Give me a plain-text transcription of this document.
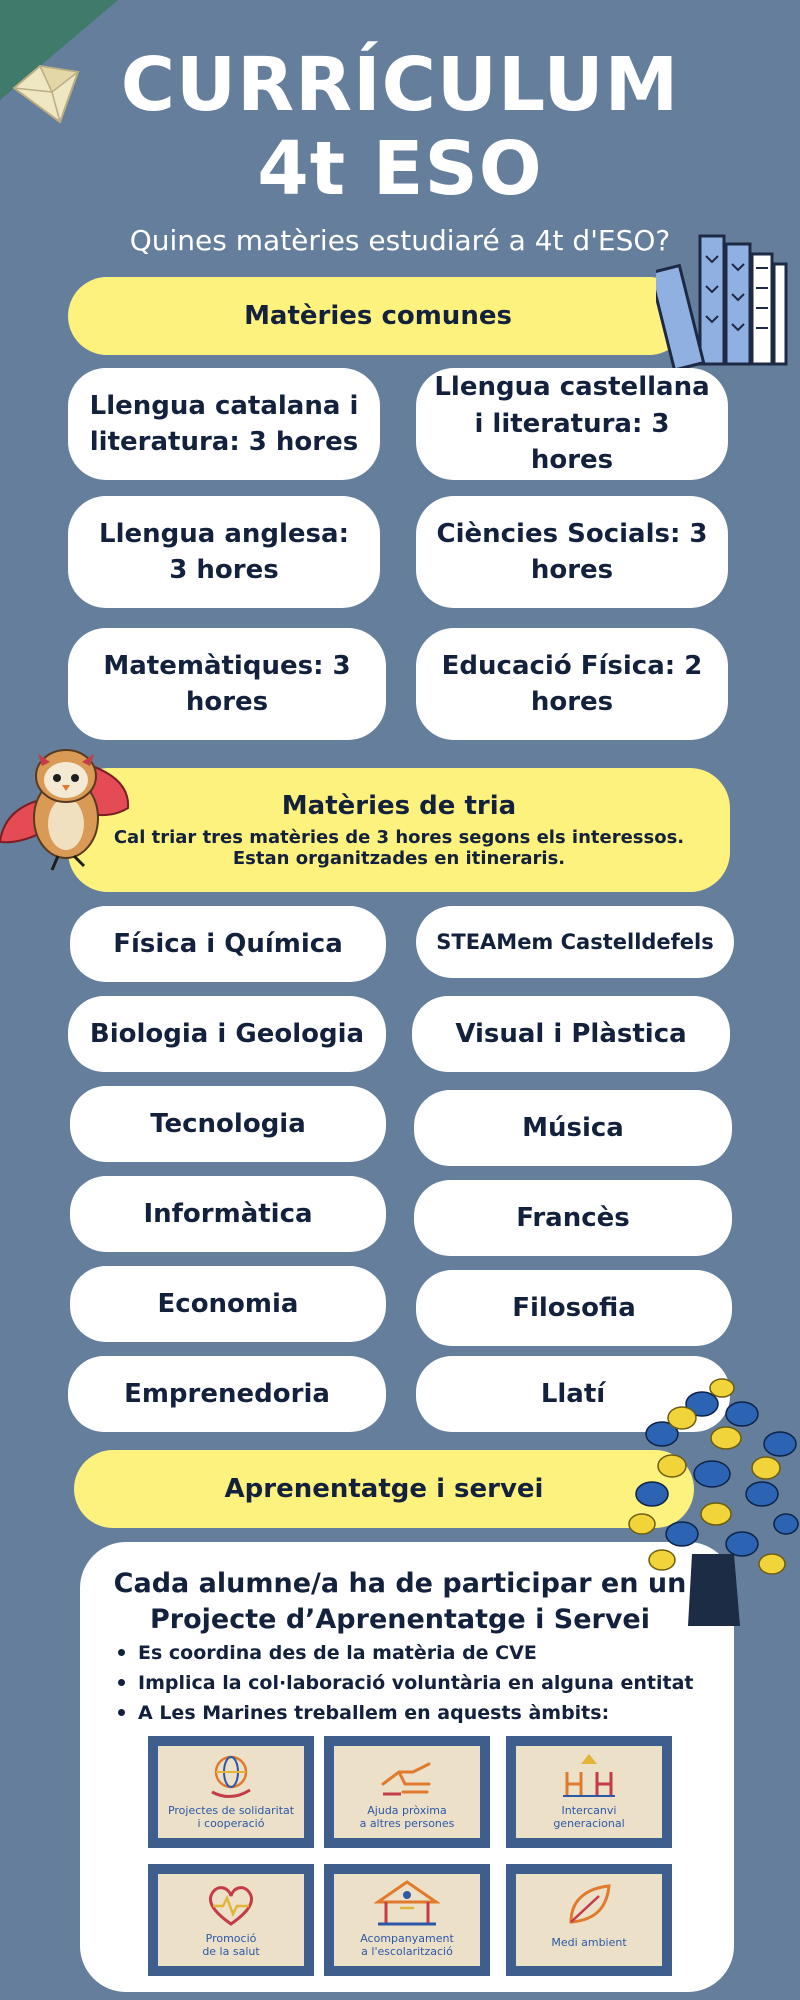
CURRÍCULUM
4t ESO
Quines matèries estudiaré a 4t d'ESO?
Matèries comunes
Llengua catalana i literatura: 3 hores
Llengua castellana i literatura: 3 hores
Llengua anglesa: 3 hores
Ciències Socials: 3 hores
Matemàtiques: 3 hores
Educació Física: 2 hores
Matèries de tria
Cal triar tres matèries de 3 hores segons els interessos.
Estan organitzades en itineraris.
Física i Química
Biologia i Geologia
Tecnologia
Informàtica
Economia
Emprenedoria
STEAMem Castelldefels
Visual i Plàstica
Música
Francès
Filosofia
Llatí
Aprenentatge i servei
Cada alumne/a ha de participar en un
Projecte d’Aprenentatge i Servei
Es coordina des de la matèria de CVE
Implica la col·laboració voluntària en alguna entitat
A Les Marines treballem en aquests àmbits:
Projectes de solidaritat
i cooperació
Ajuda pròxima
a altres persones
Intercanvi
generacional
Promoció
de la salut
Acompanyament
a l'escolarització
Medi ambient
